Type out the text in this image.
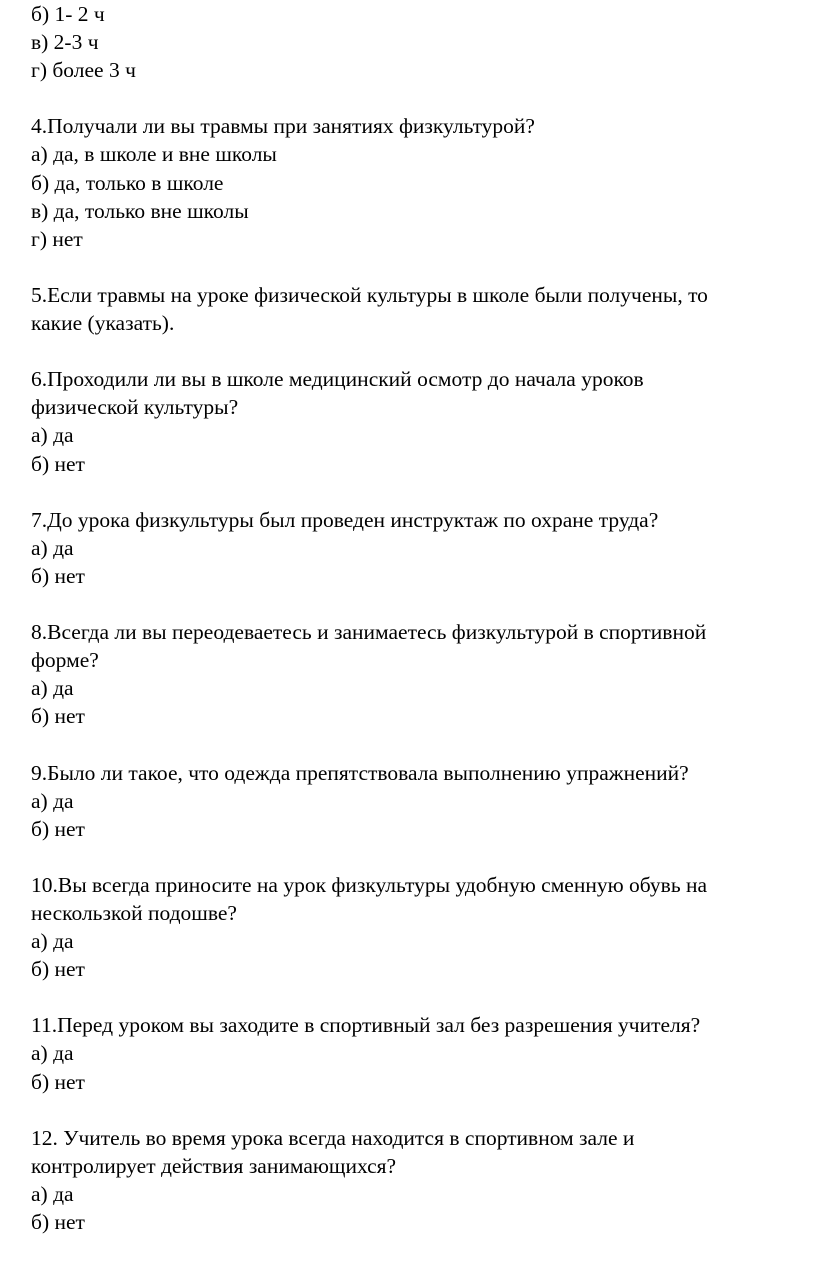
б) 1- 2 ч
в) 2-3 ч
г) более 3 ч
4.Получали ли вы травмы при занятиях физкультурой?
а) да, в школе и вне школы
б) да, только в школе
в) да, только вне школы
г) нет
5.Если травмы на уроке физической культуры в школе были получены, то
какие (указать).
6.Проходили ли вы в школе медицинский осмотр до начала уроков
физической культуры?
а) да
б) нет
7.До урока физкультуры был проведен инструктаж по охране труда?
а) да
б) нет
8.Всегда ли вы переодеваетесь и занимаетесь физкультурой в спортивной
форме?
а) да
б) нет
9.Было ли такое, что одежда препятствовала выполнению упражнений?
а) да
б) нет
10.Вы всегда приносите на урок физкультуры удобную сменную обувь на
нескользкой подошве?
а) да
б) нет
11.Перед уроком вы заходите в спортивный зал без разрешения учителя?
а) да
б) нет
12. Учитель во время урока всегда находится в спортивном зале и
контролирует действия занимающихся?
а) да
б) нет
